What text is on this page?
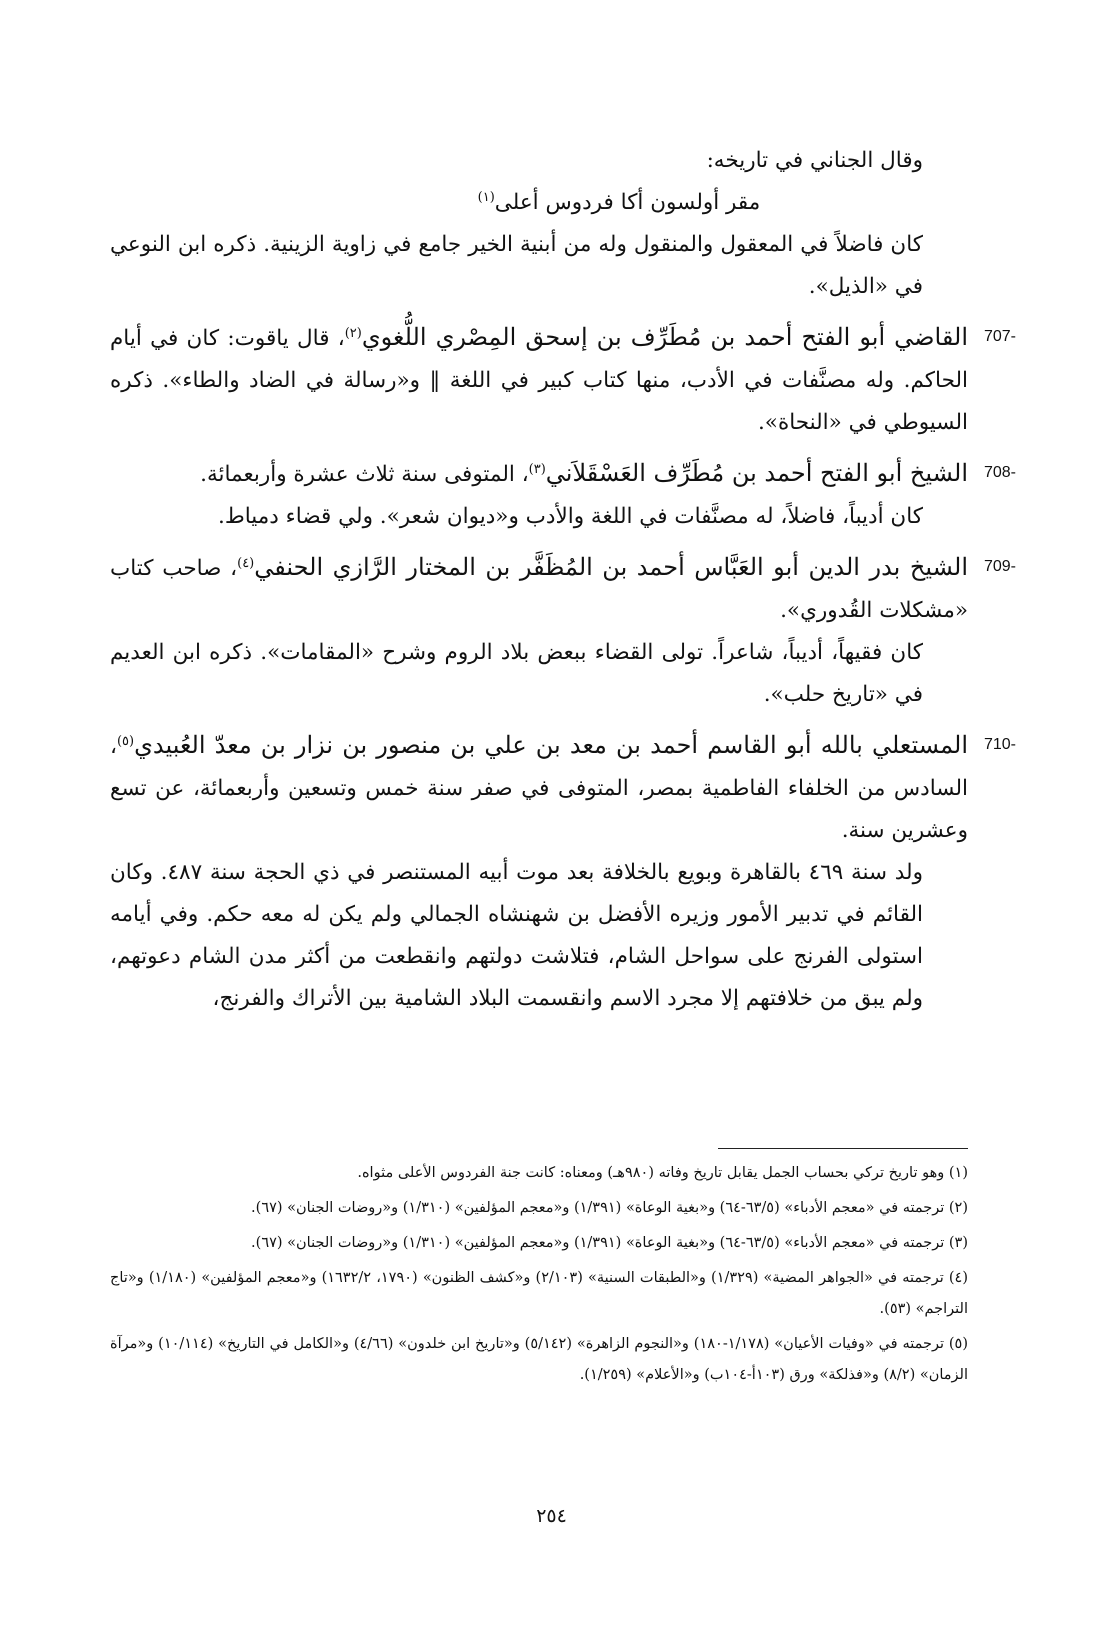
وقال الجناني في تاريخه:

مقر أولسون أكا فردوس أعلى$^{(١)}$

كان فاضلاً في المعقول والمنقول وله من أبنية الخير جامع في زاوية الزينية. ذكره ابن النوعي في «الذيل».

707-

القاضي أبو الفتح أحمد بن مُطَرِّف بن إسحق المِصْري اللُّغوي$^{(٢)}$، قال ياقوت: كان في أيام الحاكم. وله مصنَّفات في الأدب، منها كتاب كبير في اللغة ‖ و«رسالة في الضاد والطاء». ذكره السيوطي في «النحاة».

708-

الشيخ أبو الفتح أحمد بن مُطَرِّف العَسْقَلاَني$^{(٣)}$، المتوفى سنة ثلاث عشرة وأربعمائة.

كان أديباً، فاضلاً، له مصنَّفات في اللغة والأدب و«ديوان شعر». ولي قضاء دمياط.

709-

الشيخ بدر الدين أبو العَبَّاس أحمد بن المُظَفَّر بن المختار الرَّازي الحنفي$^{(٤)}$، صاحب كتاب «مشكلات القُدوري».

كان فقيهاً، أديباً، شاعراً. تولى القضاء ببعض بلاد الروم وشرح «المقامات». ذكره ابن العديم في «تاريخ حلب».

710-

المستعلي بالله أبو القاسم أحمد بن معد بن علي بن منصور بن نزار بن معدّ العُبيدي$^{(٥)}$، السادس من الخلفاء الفاطمية بمصر، المتوفى في صفر سنة خمس وتسعين وأربعمائة، عن تسع وعشرين سنة.

ولد سنة ٤٦٩ بالقاهرة وبويع بالخلافة بعد موت أبيه المستنصر في ذي الحجة سنة ٤٨٧. وكان القائم في تدبير الأمور وزيره الأفضل بن شهنشاه الجمالي ولم يكن له معه حكم. وفي أيامه استولى الفرنج على سواحل الشام، فتلاشت دولتهم وانقطعت من أكثر مدن الشام دعوتهم، ولم يبق من خلافتهم إلا مجرد الاسم وانقسمت البلاد الشامية بين الأتراك والفرنج،

(١) وهو تاريخ تركي بحساب الجمل يقابل تاريخ وفاته (٩٨٠هـ) ومعناه: كانت جنة الفردوس الأعلى مثواه.

(٢) ترجمته في «معجم الأدباء» (٦٣/٥-٦٤) و«بغية الوعاة» (١/٣٩١) و«معجم المؤلفين» (١/٣١٠) و«روضات الجنان» (٦٧).

(٣) ترجمته في «معجم الأدباء» (٦٣/٥-٦٤) و«بغية الوعاة» (١/٣٩١) و«معجم المؤلفين» (١/٣١٠) و«روضات الجنان» (٦٧).

(٤) ترجمته في «الجواهر المضية» (١/٣٢٩) و«الطبقات السنية» (٢/١٠٣) و«كشف الظنون» (١٧٩٠، ١٦٣٢/٢) و«معجم المؤلفين» (١/١٨٠) و«تاج التراجم» (٥٣).

(٥) ترجمته في «وفيات الأعيان» (١/١٧٨-١٨٠) و«النجوم الزاهرة» (٥/١٤٢) و«تاريخ ابن خلدون» (٤/٦٦) و«الكامل في التاريخ» (١٠/١١٤) و«مرآة الزمان» (٨/٢) و«فذلكة» ورق (١٠٣أ-١٠٤ب) و«الأعلام» (١/٢٥٩).

٢٥٤
